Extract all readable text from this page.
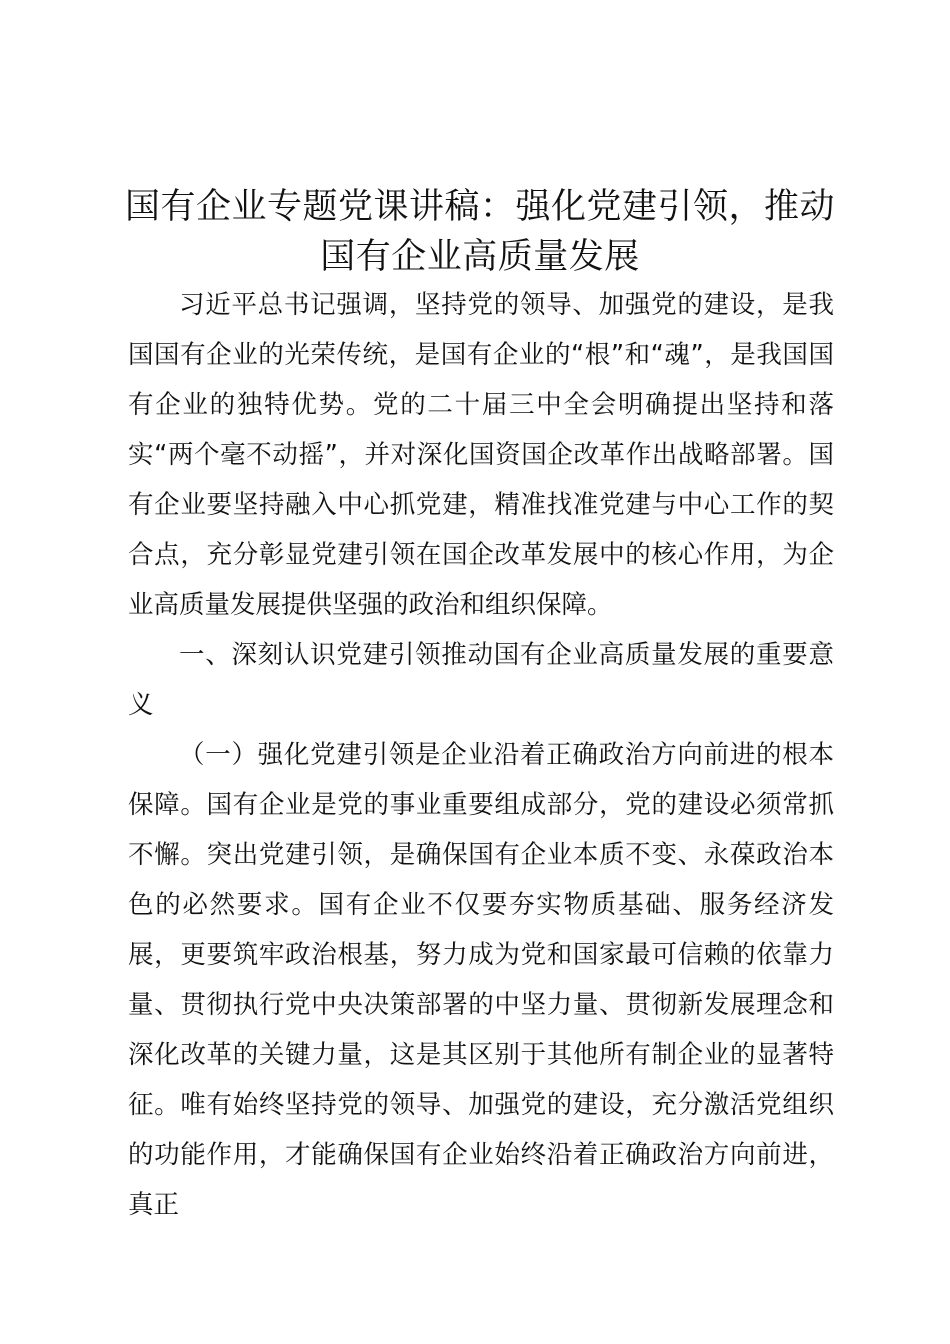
国有企业专题党课讲稿：强化党建引领，推动国有企业高质量发展

习近平总书记强调，坚持党的领导、加强党的建设，是我国国有企业的光荣传统，是国有企业的“根”和“魂”，是我国国有企业的独特优势。党的二十届三中全会明确提出坚持和落实“两个毫不动摇”，并对深化国资国企改革作出战略部署。国有企业要坚持融入中心抓党建，精准找准党建与中心工作的契合点，充分彰显党建引领在国企改革发展中的核心作用，为企业高质量发展提供坚强的政治和组织保障。

一、深刻认识党建引领推动国有企业高质量发展的重要意义

（一）强化党建引领是企业沿着正确政治方向前进的根本保障。国有企业是党的事业重要组成部分，党的建设必须常抓不懈。突出党建引领，是确保国有企业本质不变、永葆政治本色的必然要求。国有企业不仅要夯实物质基础、服务经济发展，更要筑牢政治根基，努力成为党和国家最可信赖的依靠力量、贯彻执行党中央决策部署的中坚力量、贯彻新发展理念和深化改革的关键力量，这是其区别于其他所有制企业的显著特征。唯有始终坚持党的领导、加强党的建设，充分激活党组织的功能作用，才能确保国有企业始终沿着正确政治方向前进，真正
